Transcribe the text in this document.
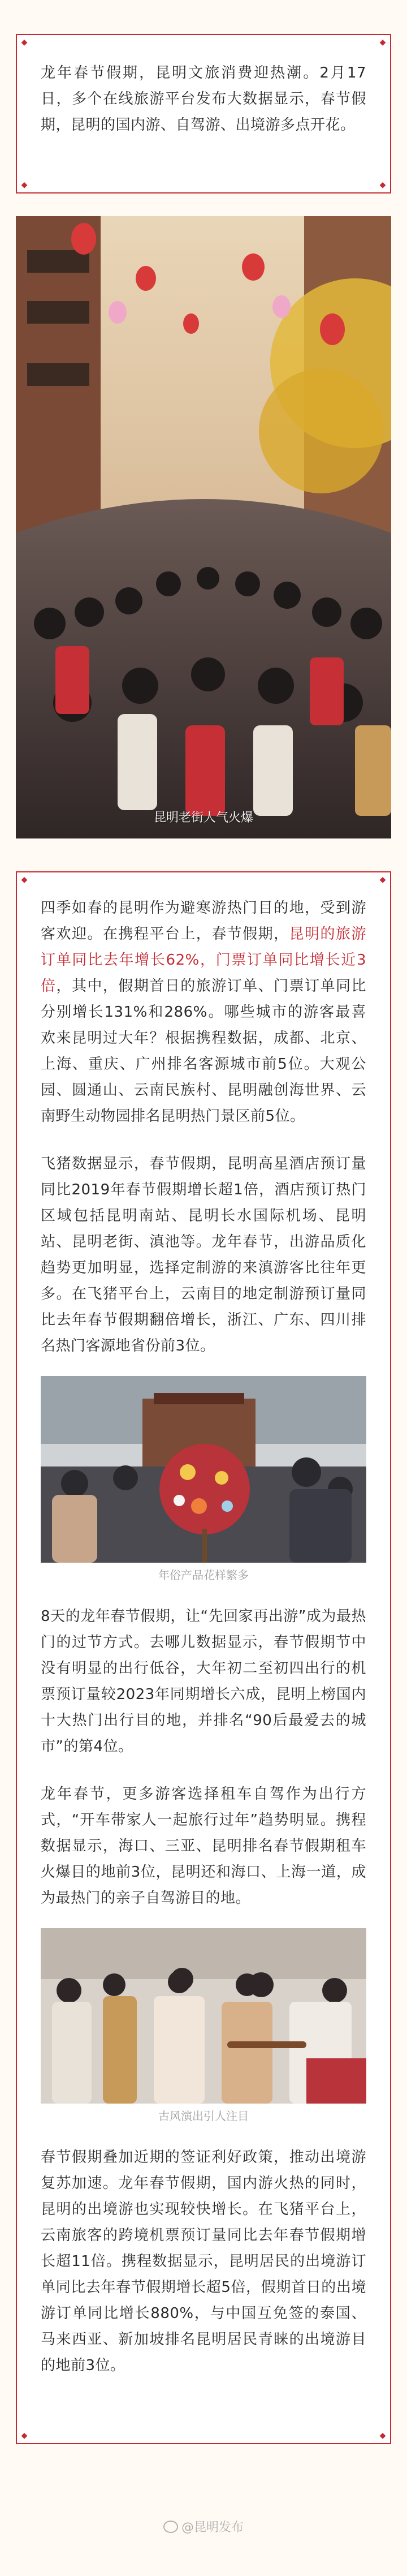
◆	◆
◆	◆

龙年春节假期，昆明文旅消费迎热潮。2月17日，多个在线旅游平台发布大数据显示，春节假期，昆明的国内游、自驾游、出境游多点开花。

昆明老街人气火爆
◆	◆
◆	◆

四季如春的昆明作为避寒游热门目的地，受到游客欢迎。在携程平台上，春节假期，昆明的旅游订单同比去年增长62%，门票订单同比增长近3倍，其中，假期首日的旅游订单、门票订单同比分别增长131%和286%。哪些城市的游客最喜欢来昆明过大年？根据携程数据，成都、北京、上海、重庆、广州排名客源城市前5位。大观公园、圆通山、云南民族村、昆明融创海世界、云南野生动物园排名昆明热门景区前5位。

飞猪数据显示，春节假期，昆明高星酒店预订量同比2019年春节假期增长超1倍，酒店预订热门区域包括昆明南站、昆明长水国际机场、昆明站、昆明老街、滇池等。龙年春节，出游品质化趋势更加明显，选择定制游的来滇游客比往年更多。在飞猪平台上，云南目的地定制游预订量同比去年春节假期翻倍增长，浙江、广东、四川排名热门客源地省份前3位。

年俗产品花样繁多

8天的龙年春节假期，让“先回家再出游”成为最热门的过节方式。去哪儿数据显示，春节假期节中没有明显的出行低谷，大年初二至初四出行的机票预订量较2023年同期增长六成，昆明上榜国内十大热门出行目的地，并排名“90后最爱去的城市”的第4位。

龙年春节，更多游客选择租车自驾作为出行方式，“开车带家人一起旅行过年”趋势明显。携程数据显示，海口、三亚、昆明排名春节假期租车火爆目的地前3位，昆明还和海口、上海一道，成为最热门的亲子自驾游目的地。

古风演出引人注目

春节假期叠加近期的签证利好政策，推动出境游复苏加速。龙年春节假期，国内游火热的同时，昆明的出境游也实现较快增长。在飞猪平台上，云南旅客的跨境机票预订量同比去年春节假期增长超11倍。携程数据显示，昆明居民的出境游订单同比去年春节假期增长超5倍，假期首日的出境游订单同比增长880%，与中国互免签的泰国、马来西亚、新加坡排名昆明居民青睐的出境游目的地前3位。

@昆明发布
